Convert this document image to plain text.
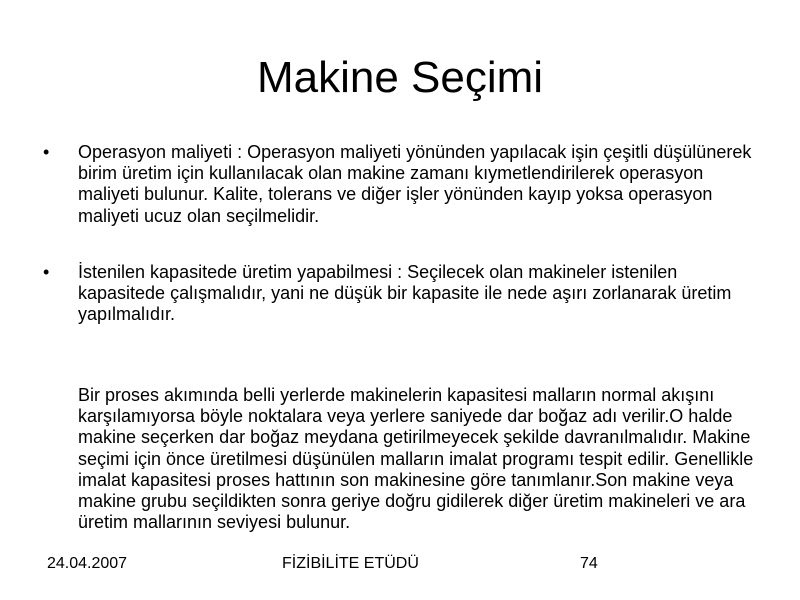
Makine Seçimi
• Operasyon maliyeti : Operasyon maliyeti yönünden yapılacak işin çeşitli düşülünerek birim üretim için kullanılacak olan makine zamanı kıymetlendirilerek operasyon maliyeti bulunur. Kalite, tolerans ve diğer işler yönünden kayıp yoksa operasyon maliyeti ucuz olan seçilmelidir.
• İstenilen kapasitede üretim yapabilmesi : Seçilecek olan makineler istenilen kapasitede çalışmalıdır, yani ne düşük bir kapasite ile nede aşırı zorlanarak üretim yapılmalıdır.

Bir proses akımında belli yerlerde makinelerin kapasitesi malların normal akışını karşılamıyorsa böyle noktalara veya yerlere saniyede dar boğaz adı verilir.O halde makine seçerken dar boğaz meydana getirilmeyecek şekilde davranılmalıdır. Makine seçimi için önce üretilmesi düşünülen malların imalat programı tespit edilir. Genellikle imalat kapasitesi proses hattının son makinesine göre tanımlanır.Son makine veya makine grubu seçildikten sonra geriye doğru gidilerek diğer üretim makineleri ve ara üretim mallarının seviyesi bulunur.

24.04.2007	FİZİBİLİTE ETÜDÜ	74
